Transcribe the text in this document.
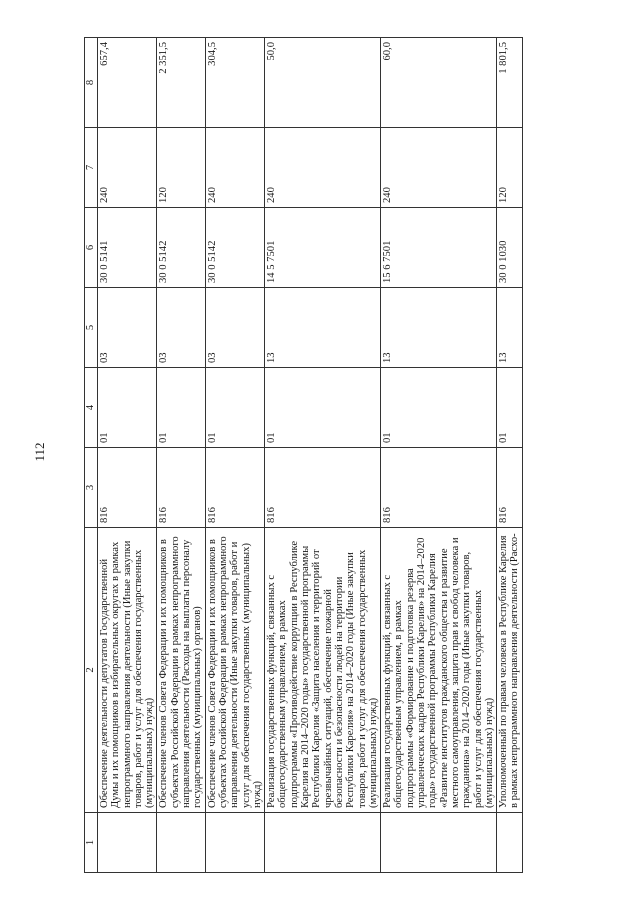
112
1	2	3	4	5	6	7	8
	Обеспечение деятельности депутатов Государственной Думы и их помощников в избирательных округах в рамках непрограммного направления деятельности (Иные закупки товаров, работ и услуг для обеспечения государственных (муниципальных) нужд)	816	01	03	30 0 5141	240	657,4
	Обеспечение членов Совета Федерации и их помощников в субъектах Российской Федерации в рамках непрограммного направления деятельности (Расходы на выплаты персоналу государственных (муниципальных) органов)	816	01	03	30 0 5142	120	2 351,5
	Обеспечение членов Совета Федерации и их помощников в субъектах Российской Федерации в рамках непрограммного направления деятельности (Иные закупки товаров, работ и услуг для обеспечения государственных (муниципальных) нужд)	816	01	03	30 0 5142	240	304,5
	Реализация государственных функций, связанных с общегосударственным управлением, в рамках подпрограммы «Противодействие коррупции в Республике Карелия на 2014–2020 годы» государственной программы Республики Карелия «Защита населения и территорий от чрезвычайных ситуаций, обеспечение пожарной безопасности и безопасности людей на территории Республики Карелия» на 2014–2020 годы (Иные закупки товаров, работ и услуг для обеспечения государственных (муниципальных) нужд)	816	01	13	14 5 7501	240	50,0
	Реализация государственных функций, связанных с общегосударственным управлением, в рамках подпрограммы «Формирование и подготовка резерва управленческих кадров Республики Карелия» на 2014–2020 годы» государственной программы Республики Карелия «Развитие институтов гражданского общества и развитие местного самоуправления, защита прав и свобод человека и гражданина» на 2014–2020 годы (Иные закупки товаров, работ и услуг для обеспечения государственных (муниципальных) нужд)	816	01	13	15 6 7501	240	60,0
	Уполномоченный по правам человека в Республике Карелия в рамках непрограммного направления деятельности (Расхо-	816	01	13	30 0 1030	120	1 801,5
